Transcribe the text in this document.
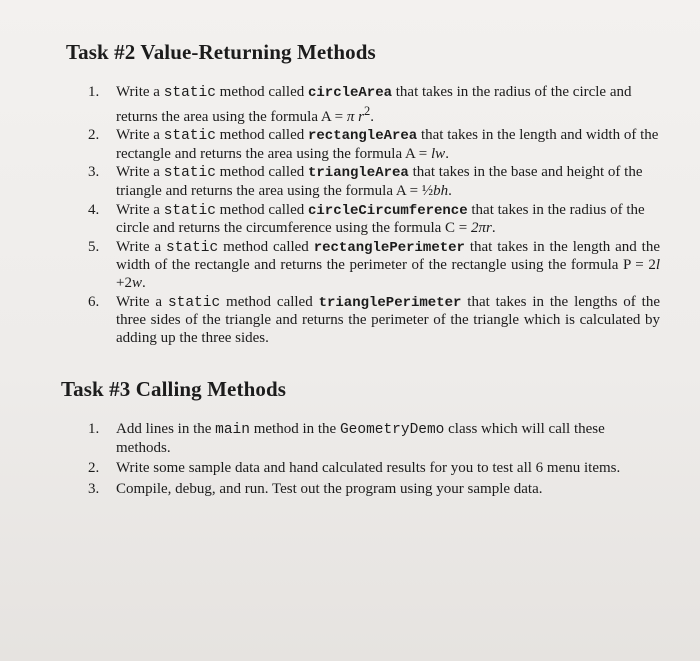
Task #2 Value-Returning Methods
1. Write a static method called circleArea that takes in the radius of the circle and returns the area using the formula A = π $r^2$.
2. Write a static method called rectangleArea that takes in the length and width of the rectangle and returns the area using the formula A = lw.
3. Write a static method called triangleArea that takes in the base and height of the triangle and returns the area using the formula A = ½bh.
4. Write a static method called circleCircumference that takes in the radius of the circle and returns the circumference using the formula C = 2πr.
5. Write a static method called rectanglePerimeter that takes in the length and the width of the rectangle and returns the perimeter of the rectangle using the formula P = 2l +2w.
6. Write a static method called trianglePerimeter that takes in the lengths of the three sides of the triangle and returns the perimeter of the triangle which is calculated by adding up the three sides.
Task #3 Calling Methods
1. Add lines in the main method in the GeometryDemo class which will call these methods.
2. Write some sample data and hand calculated results for you to test all 6 menu items.
3. Compile, debug, and run. Test out the program using your sample data.
